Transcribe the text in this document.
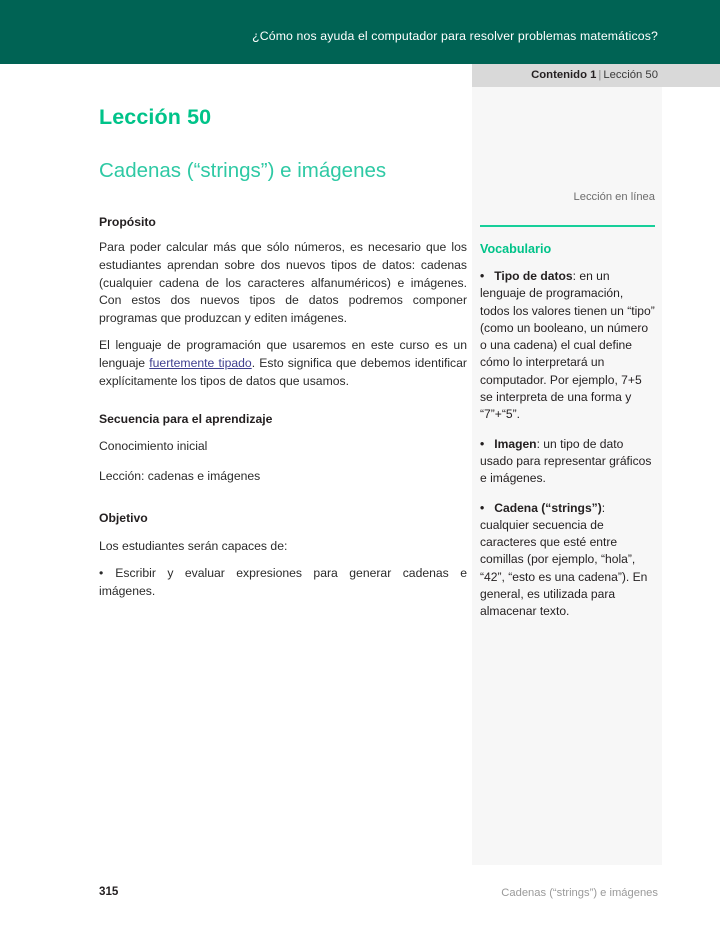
¿Cómo nos ayuda el computador para resolver problemas matemáticos?
Contenido 1 | Lección 50
Lección en línea
Vocabulario
• Tipo de datos: en un lenguaje de programación, todos los valores tienen un “tipo” (como un booleano, un número o una cadena) el cual define cómo lo interpretará un computador. Por ejemplo, 7+5 se interpreta de una forma y “7”+“5”.
• Imagen: un tipo de dato usado para representar gráficos e imágenes.
• Cadena (“strings”): cualquier secuencia de caracteres que esté entre comillas (por ejemplo, “hola”, “42”, “esto es una cadena”). En general, es utilizada para almacenar texto.
Lección 50
Cadenas (“strings”) e imágenes
Propósito
Para poder calcular más que sólo números, es necesario que los estudiantes aprendan sobre dos nuevos tipos de datos: cadenas (cualquier cadena de los caracteres alfanuméricos) e imágenes. Con estos dos nuevos tipos de datos podremos componer programas que produzcan y editen imágenes.
El lenguaje de programación que usaremos en este curso es un lenguaje fuertemente tipado. Esto significa que debemos identificar explícitamente los tipos de datos que usamos.
Secuencia para el aprendizaje
Conocimiento inicial
Lección: cadenas e imágenes
Objetivo
Los estudiantes serán capaces de:
• Escribir y evaluar expresiones para generar cadenas e imágenes.
315	Cadenas (“strings”) e imágenes
